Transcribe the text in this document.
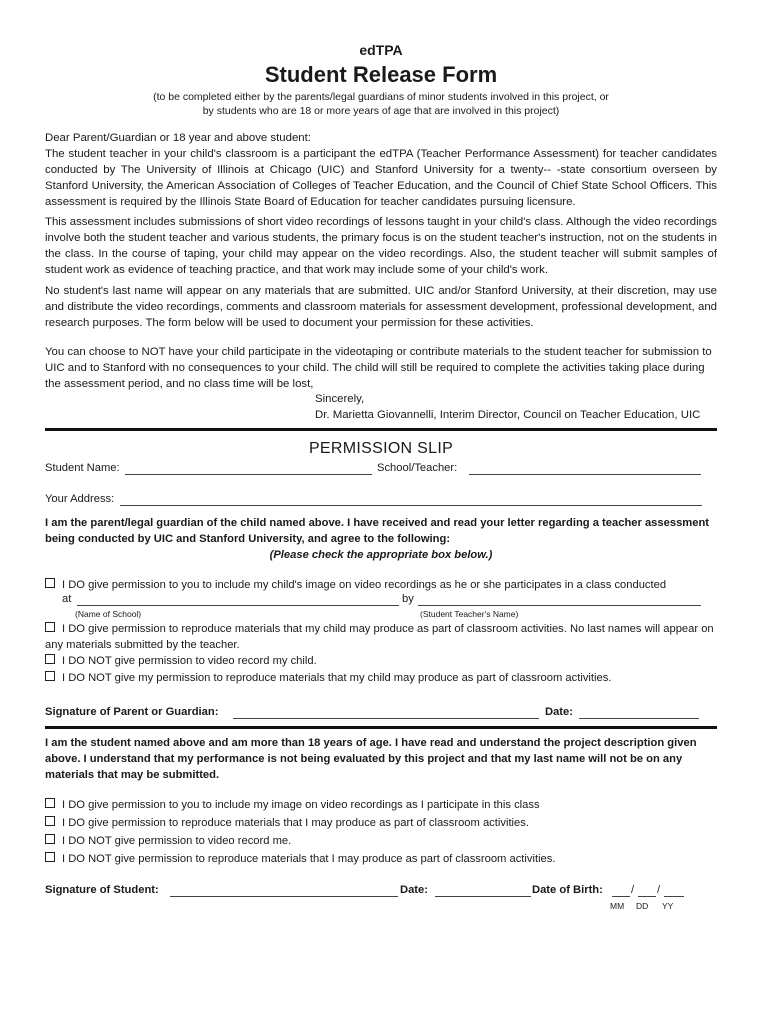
edTPA
Student Release Form
(to be completed either by the parents/legal guardians of minor students involved in this project, or
by students who are 18 or more years of age that are involved in this project)

Dear Parent/Guardian or 18 year and above student:

The student teacher in your child's classroom is a participant the edTPA (Teacher Performance Assessment) for teacher candidates conducted by The University of Illinois at Chicago (UIC) and Stanford University for a twenty-- -state consortium overseen by Stanford University, the American Association of Colleges of Teacher Education, and the Council of Chief State School Officers. This assessment is required by the Illinois State Board of Education for teacher candidates pursuing licensure.

This assessment includes submissions of short video recordings of lessons taught in your child's class. Although the video recordings involve both the student teacher and various students, the primary focus is on the student teacher's instruction, not on the students in the class. In the course of taping, your child may appear on the video recordings. Also, the student teacher will submit samples of student work as evidence of teaching practice, and that work may include some of your child's work.
No student's last name will appear on any materials that are submitted. UIC and/or Stanford University, at their discretion, may use and distribute the video recordings, comments and classroom materials for assessment development, professional development, and research purposes. The form below will be used to document your permission for these activities.
You can choose to NOT have your child participate in the videotaping or contribute materials to the student teacher for submission to UIC and to Stanford with no consequences to your child. The child will still be required to complete the activities taking place during the assessment period, and no class time will be lost,
Sincerely,
Dr. Marietta Giovannelli, Interim Director, Council on Teacher Education, UIC
PERMISSION SLIP
Student Name:	School/Teacher:
Your Address:
I am the parent/legal guardian of the child named above. I have received and read your letter regarding a teacher assessment being conducted by UIC and Stanford University, and agree to the following:
(Please check the appropriate box below.)
I DO give permission to you to include my child's image on video recordings as he or she participates in a class conducted
at	by
(Name of School)	(Student Teacher's Name)
I DO give permission to reproduce materials that my child may produce as part of classroom activities. No last names will appear on any materials submitted by the teacher.
I DO NOT give permission to video record my child.
I DO NOT give my permission to reproduce materials that my child may produce as part of classroom activities.
Signature of Parent or Guardian:	Date:
I am the student named above and am more than 18 years of age. I have read and understand the project description given above. I understand that my performance is not being evaluated by this project and that my last name will not be on any materials that may be submitted.
I DO give permission to you to include my image on video recordings as I participate in this class
I DO give permission to reproduce materials that I may produce as part of classroom activities.
I DO NOT give permission to video record me.
I DO NOT give permission to reproduce materials that I may produce as part of classroom activities.
Signature of Student:	Date:	Date of Birth:	/ /
MM DD YY
